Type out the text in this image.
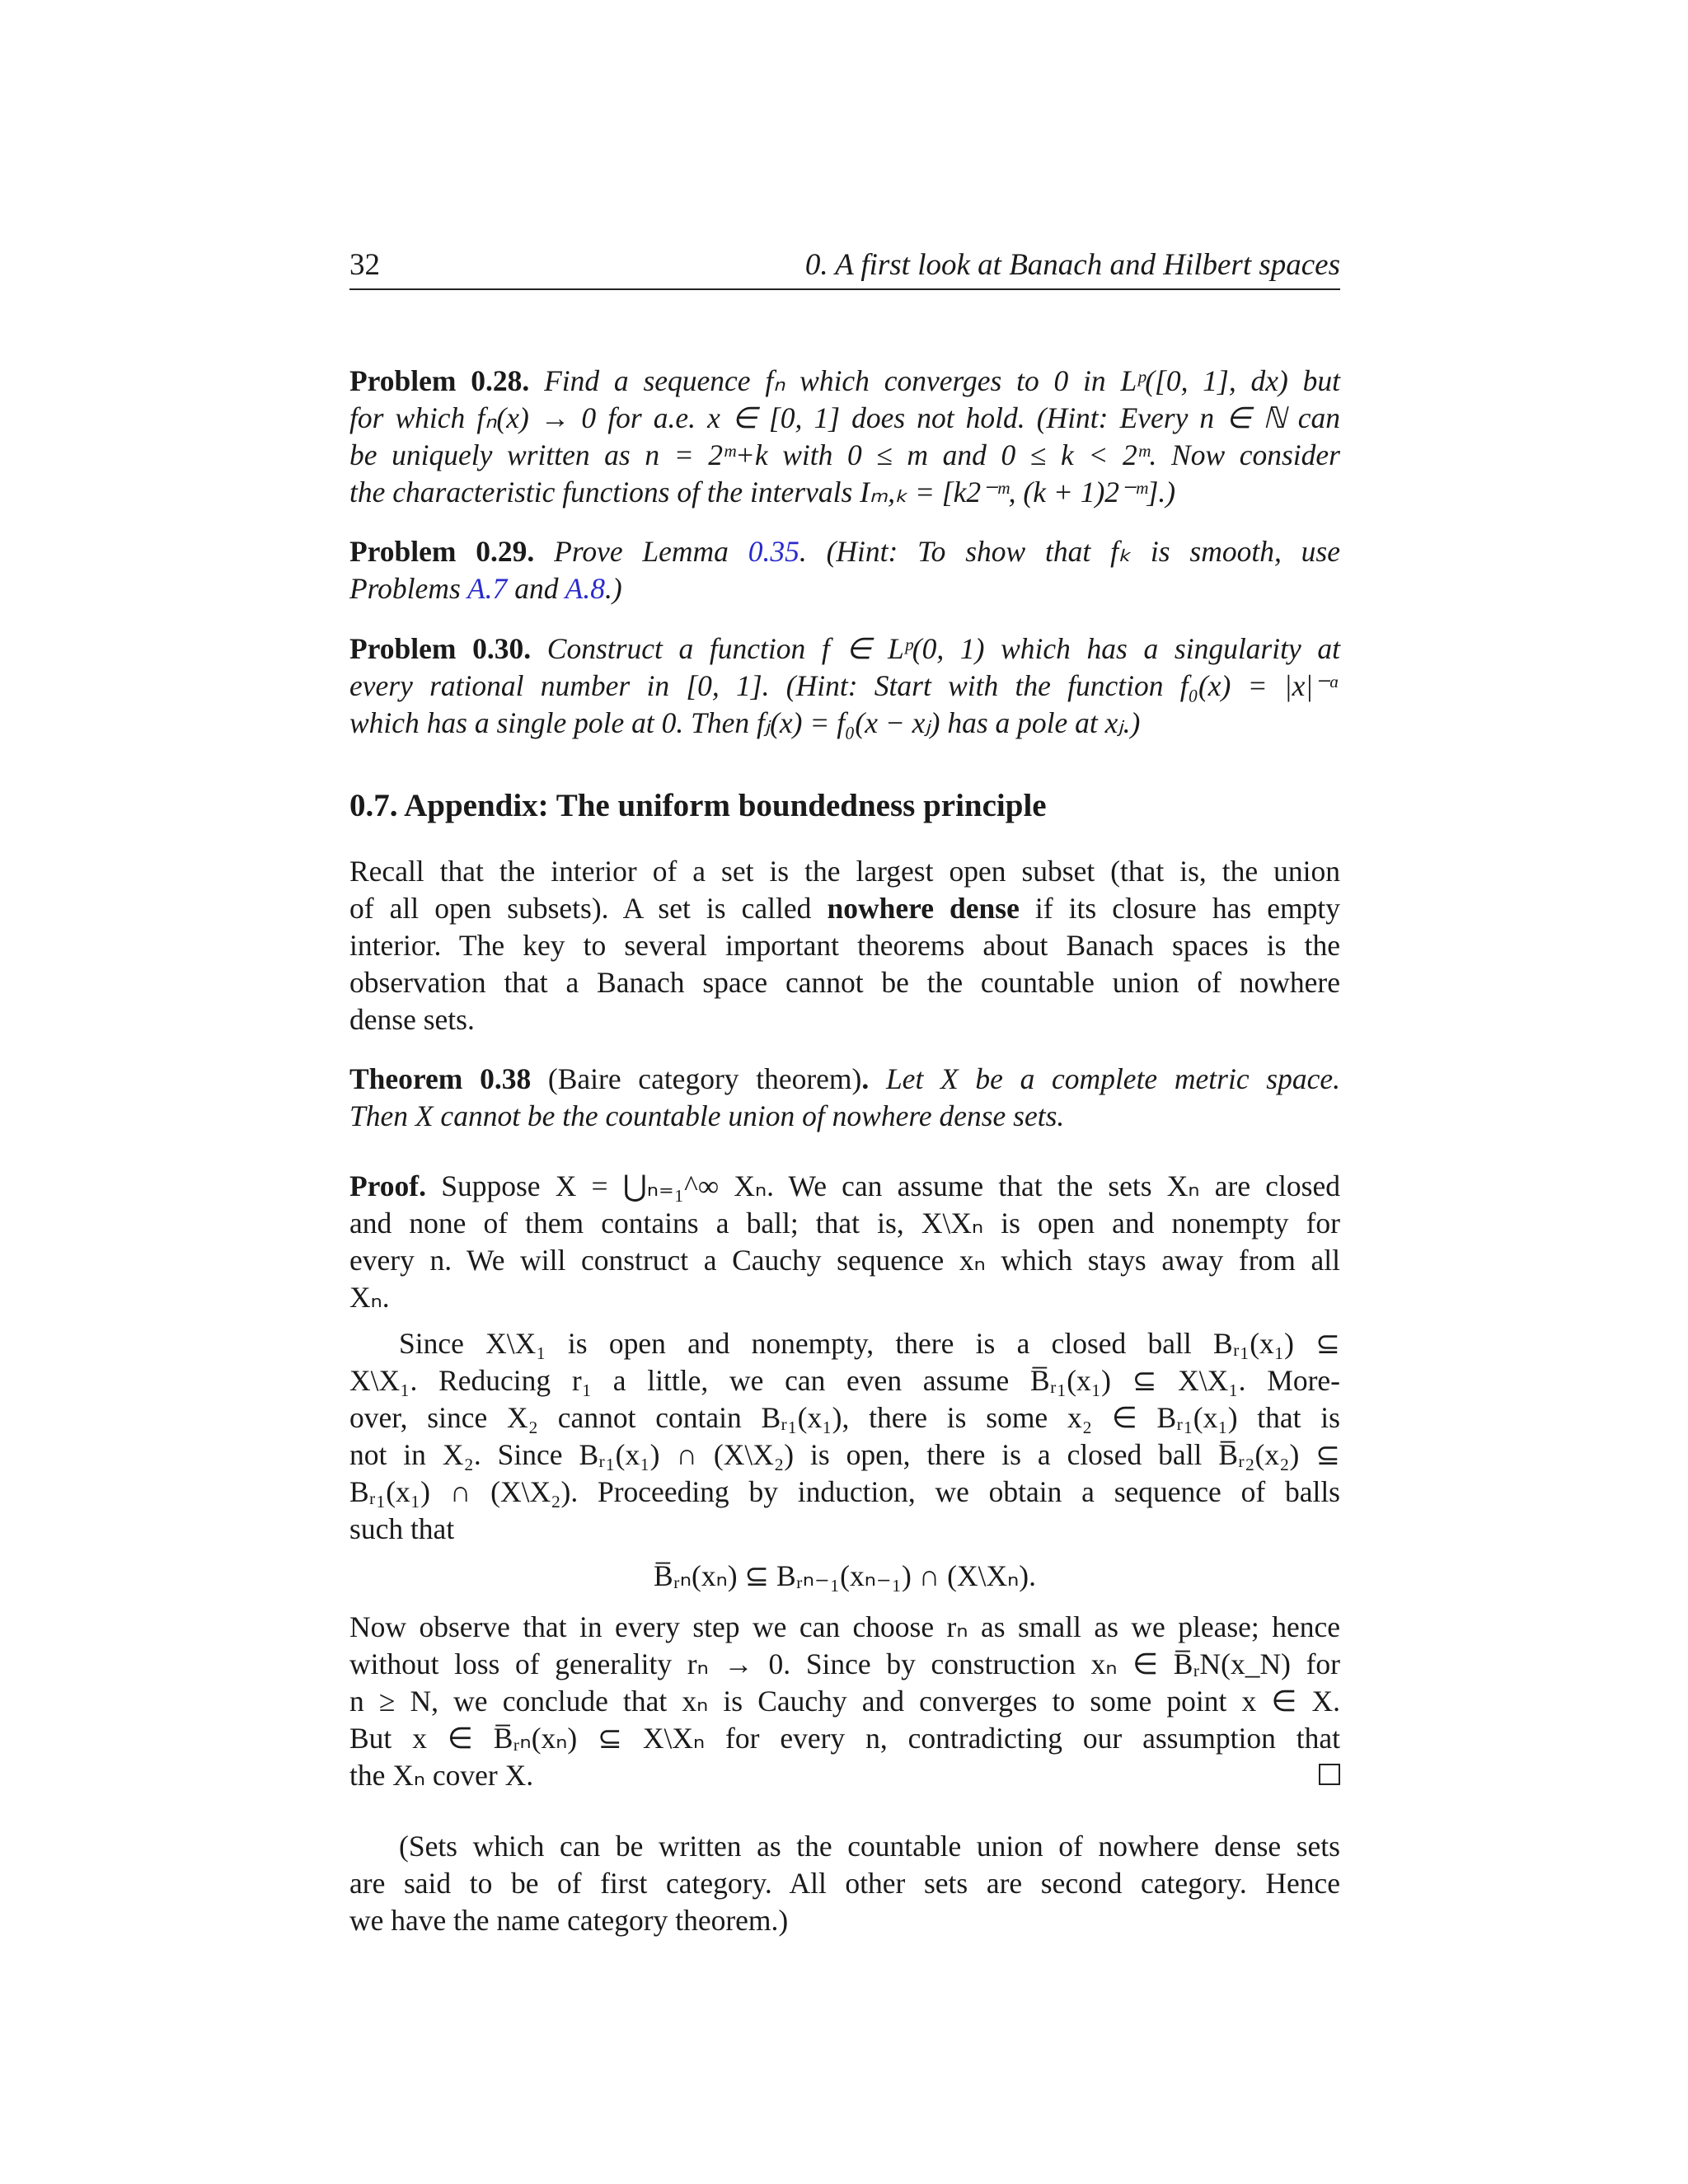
32	0. A first look at Banach and Hilbert spaces
Problem 0.28. Find a sequence fₙ which converges to 0 in Lᵖ([0, 1], dx) but
for which fₙ(x) → 0 for a.e. x ∈ [0, 1] does not hold. (Hint: Every n ∈ ℕ can
be uniquely written as n = 2ᵐ+k with 0 ≤ m and 0 ≤ k < 2ᵐ. Now consider
the characteristic functions of the intervals Iₘ,ₖ = [k2⁻ᵐ, (k + 1)2⁻ᵐ].)
Problem 0.29. Prove Lemma 0.35. (Hint: To show that fₖ is smooth, use
Problems A.7 and A.8.)
Problem 0.30. Construct a function f ∈ Lᵖ(0, 1) which has a singularity at
every rational number in [0, 1]. (Hint: Start with the function f₀(x) = |x|⁻ᵅ
which has a single pole at 0. Then fⱼ(x) = f₀(x − xⱼ) has a pole at xⱼ.)
0.7. Appendix: The uniform boundedness principle
Recall that the interior of a set is the largest open subset (that is, the union
of all open subsets). A set is called nowhere dense if its closure has empty
interior. The key to several important theorems about Banach spaces is the
observation that a Banach space cannot be the countable union of nowhere
dense sets.
Theorem 0.38 (Baire category theorem). Let X be a complete metric space.
Then X cannot be the countable union of nowhere dense sets.
Proof. Suppose X = ⋃ₙ₌₁^∞ Xₙ. We can assume that the sets Xₙ are closed
and none of them contains a ball; that is, X\Xₙ is open and nonempty for
every n. We will construct a Cauchy sequence xₙ which stays away from all
Xₙ.
Since X\X₁ is open and nonempty, there is a closed ball Bᵣ₁(x₁) ⊆
X\X₁. Reducing r₁ a little, we can even assume B̅ᵣ₁(x₁) ⊆ X\X₁. More-
over, since X₂ cannot contain Bᵣ₁(x₁), there is some x₂ ∈ Bᵣ₁(x₁) that is
not in X₂. Since Bᵣ₁(x₁) ∩ (X\X₂) is open, there is a closed ball B̅ᵣ₂(x₂) ⊆
Bᵣ₁(x₁) ∩ (X\X₂). Proceeding by induction, we obtain a sequence of balls
such that
B̅ᵣₙ(xₙ) ⊆ Bᵣₙ₋₁(xₙ₋₁) ∩ (X\Xₙ).
Now observe that in every step we can choose rₙ as small as we please; hence
without loss of generality rₙ → 0. Since by construction xₙ ∈ B̅ᵣN(x_N) for
n ≥ N, we conclude that xₙ is Cauchy and converges to some point x ∈ X.
But x ∈ B̅ᵣₙ(xₙ) ⊆ X\Xₙ for every n, contradicting our assumption that
the Xₙ cover X.
(Sets which can be written as the countable union of nowhere dense sets
are said to be of first category. All other sets are second category. Hence
we have the name category theorem.)
